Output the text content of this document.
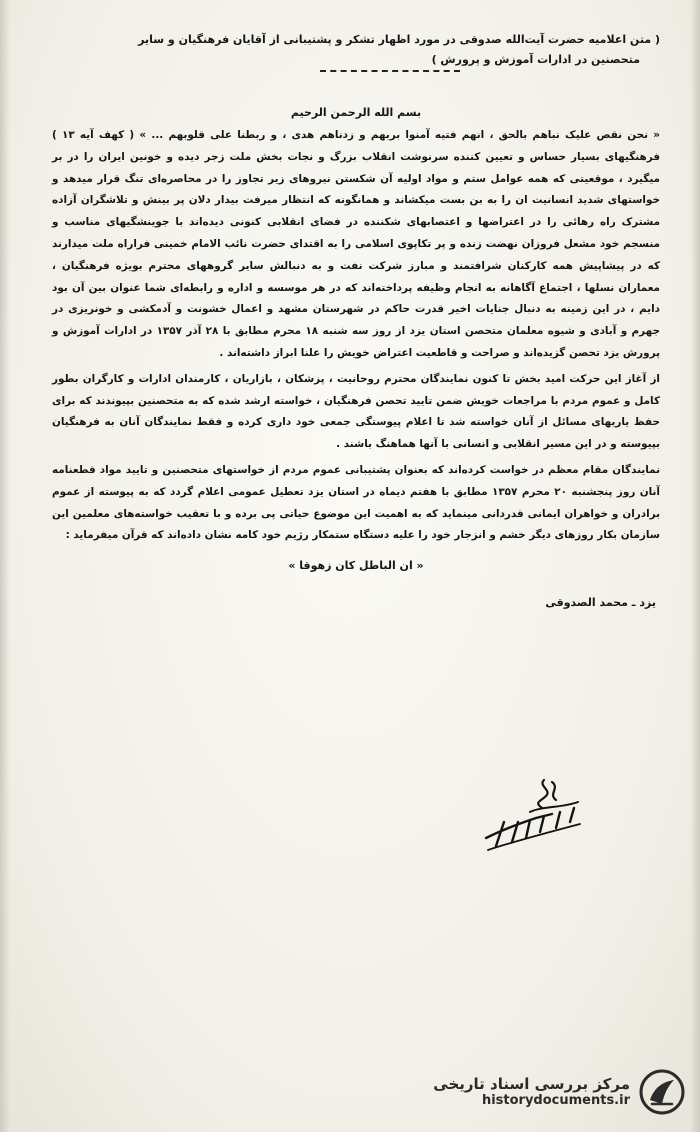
( متن اعلامیه حضرت آیت‌الله صدوقی در مورد اظهار تشکر و پشتیبانی از آقایان فرهنگیان و سایر
متحصنین در ادارات آموزش و پرورش )

بسم الله الرحمن الرحیم

« نحن نقص علیک نباهم بالحق ، انهم فتیه آمنوا بربهم و زدناهم هدی ، و ربطنا علی قلوبهم ... » ( کهف آیه ۱۳ ) فرهنگیهای بسیار حساس و تعیین کننده سرنوشت انقلاب بزرگ و نجات بخش ملت زجر دیده و خونین ایران را در بر میگیرد ، موقعیتی که همه عوامل ستم و مواد اولیه آن شکستن نیروهای زیر تجاوز را در محاصره‌ای تنگ قرار میدهد و خواستهای شدید انسانیت ان را به بن بست میکشاند و همانگونه که انتظار میرفت بیدار دلان پر بینش و تلاشگران آزاده مشترک راه رهائی را در اعتراضها و اعتصابهای شکننده در فضای انقلابی کنونی دیده‌اند با جوینشگیهای مناسب و منسجم خود مشعل فروزان نهضت زنده و پر تکاپوی اسلامی را به اقتدای حضرت نائب الامام خمینی فراراه ملت میدارند که در پیشاپیش همه کارکنان شرافتمند و مبارز شرکت نفت و به دنبالش سایر گروههای محترم بویژه فرهنگیان ، معماران نسلها ، اجتماع آگاهانه به انجام وظیفه پرداخته‌اند که در هر موسسه و اداره و رابطه‌ای شما عنوان بین آن بود دایم ، در این زمینه به دنبال جنایات اخیر قدرت حاکم در شهرستان مشهد و اعمال خشونت و آدمکشی و خونریزی در جهرم و آبادی و شیوه معلمان متحصن استان یزد از روز سه شنبه ۱۸ محرم مطابق با ۲۸ آذر ۱۳۵۷ در ادارات آموزش و پرورش یزد تحصن گزیده‌اند و صراحت و قاطعیت اعتراض خویش را علنا ابراز داشته‌اند .

از آغاز این حرکت امید بخش تا کنون نمایندگان محترم روحانیت ، پزشکان ، بازاریان ، کارمندان ادارات و کارگران بطور کامل و عموم مردم با مراجعات خویش ضمن تایید تحصن فرهنگیان ، خواسته ارشد شده که به متحصنین بپیوندند که برای حفظ یاریهای مسائل از آنان خواسته شد تا اعلام پیوستگی جمعی خود داری کرده و فقط نمایندگان آنان به فرهنگیان بپیوسته و در این مسیر انقلابی و انسانی با آنها هماهنگ باشند .

نمایندگان مقام معظم در خواست کرده‌اند که بعنوان پشتیبانی عموم مردم از خواستهای متحصنین و تایید مواد قطعنامه آنان روز پنجشنبه ۲۰ محرم ۱۳۵۷ مطابق با هفتم دیماه در استان یزد تعطیل عمومی اعلام گردد که به پیوسته از عموم برادران و خواهران ایمانی قدردانی مینماید که به اهمیت این موضوع حیاتی پی برده و با تعقیب خواسته‌های معلمین این سازمان بکار روزهای دیگر خشم و انزجار خود را علیه دستگاه ستمکار رژیم خود کامه نشان داده‌اند که قرآن میفرماید :

« ان الباطل کان زهوقا »

یزد ـ محمد الصدوقی

مرکز بررسی اسناد تاریخی
historydocuments.ir
